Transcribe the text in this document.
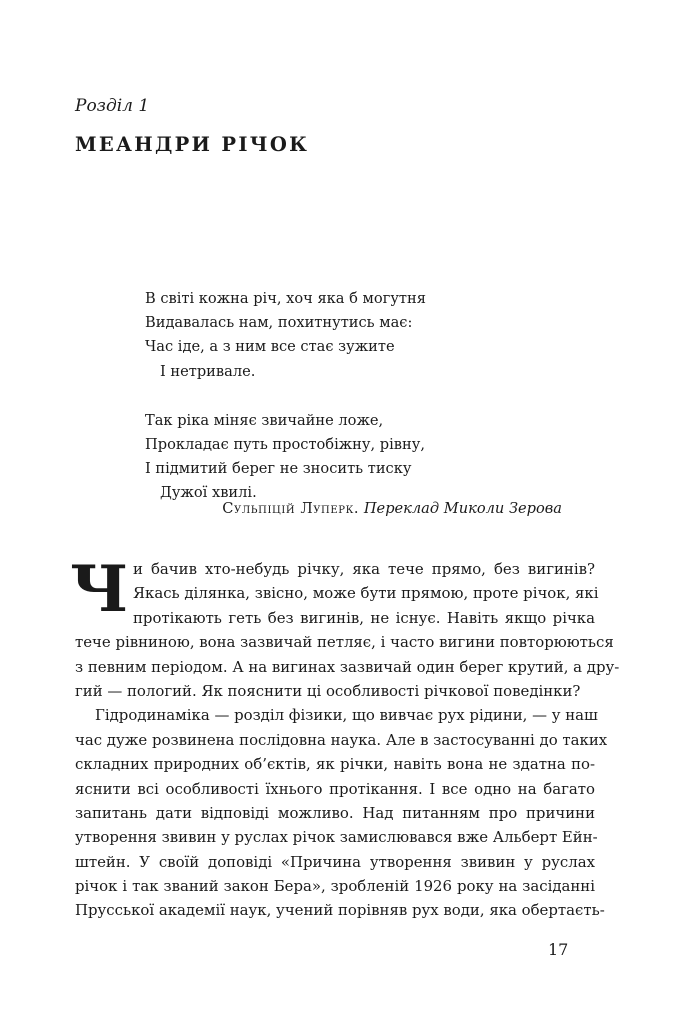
Розділ 1
МЕАНДРИ РІЧОК
В світі кожна річ, хоч яка б могутня
Видавалась нам, похитнутись має:
Час іде, а з ним все стає зужите
І нетривале.
Так ріка міняє звичайне ложе,
Прокладає путь простобіжну, рівну,
І підмитий берег не зносить тиску
Дужої хвилі.
Сульпіцій Луперк. Переклад Миколи Зерова
Ч и бачив хто-небудь річку, яка тече прямо, без вигинів?
Якась ділянка, звісно, може бути прямою, проте річок, які
протікають геть без вигинів, не існує. Навіть якщо річка
тече рівниною, вона зазвичай петляє, і часто вигини повторюються
з певним періодом. А на вигинах зазвичай один берег крутий, а дру-
гий — пологий. Як пояснити ці особливості річкової поведінки?
Гідродинаміка — розділ фізики, що вивчає рух рідини, — у наш
час дуже розвинена послідовна наука. Але в застосуванні до таких
складних природних об’єктів, як річки, навіть вона не здатна по-
яснити всі особливості їхнього протікання. І все одно на багато
запитань дати відповіді можливо. Над питанням про причини
утворення звивин у руслах річок замислювався вже Альберт Ейн-
штейн. У своїй доповіді «Причина утворення звивин у руслах
річок і так званий закон Бера», зробленій 1926 року на засіданні
Прусської академії наук, учений порівняв рух води, яка обертаєть-
17
